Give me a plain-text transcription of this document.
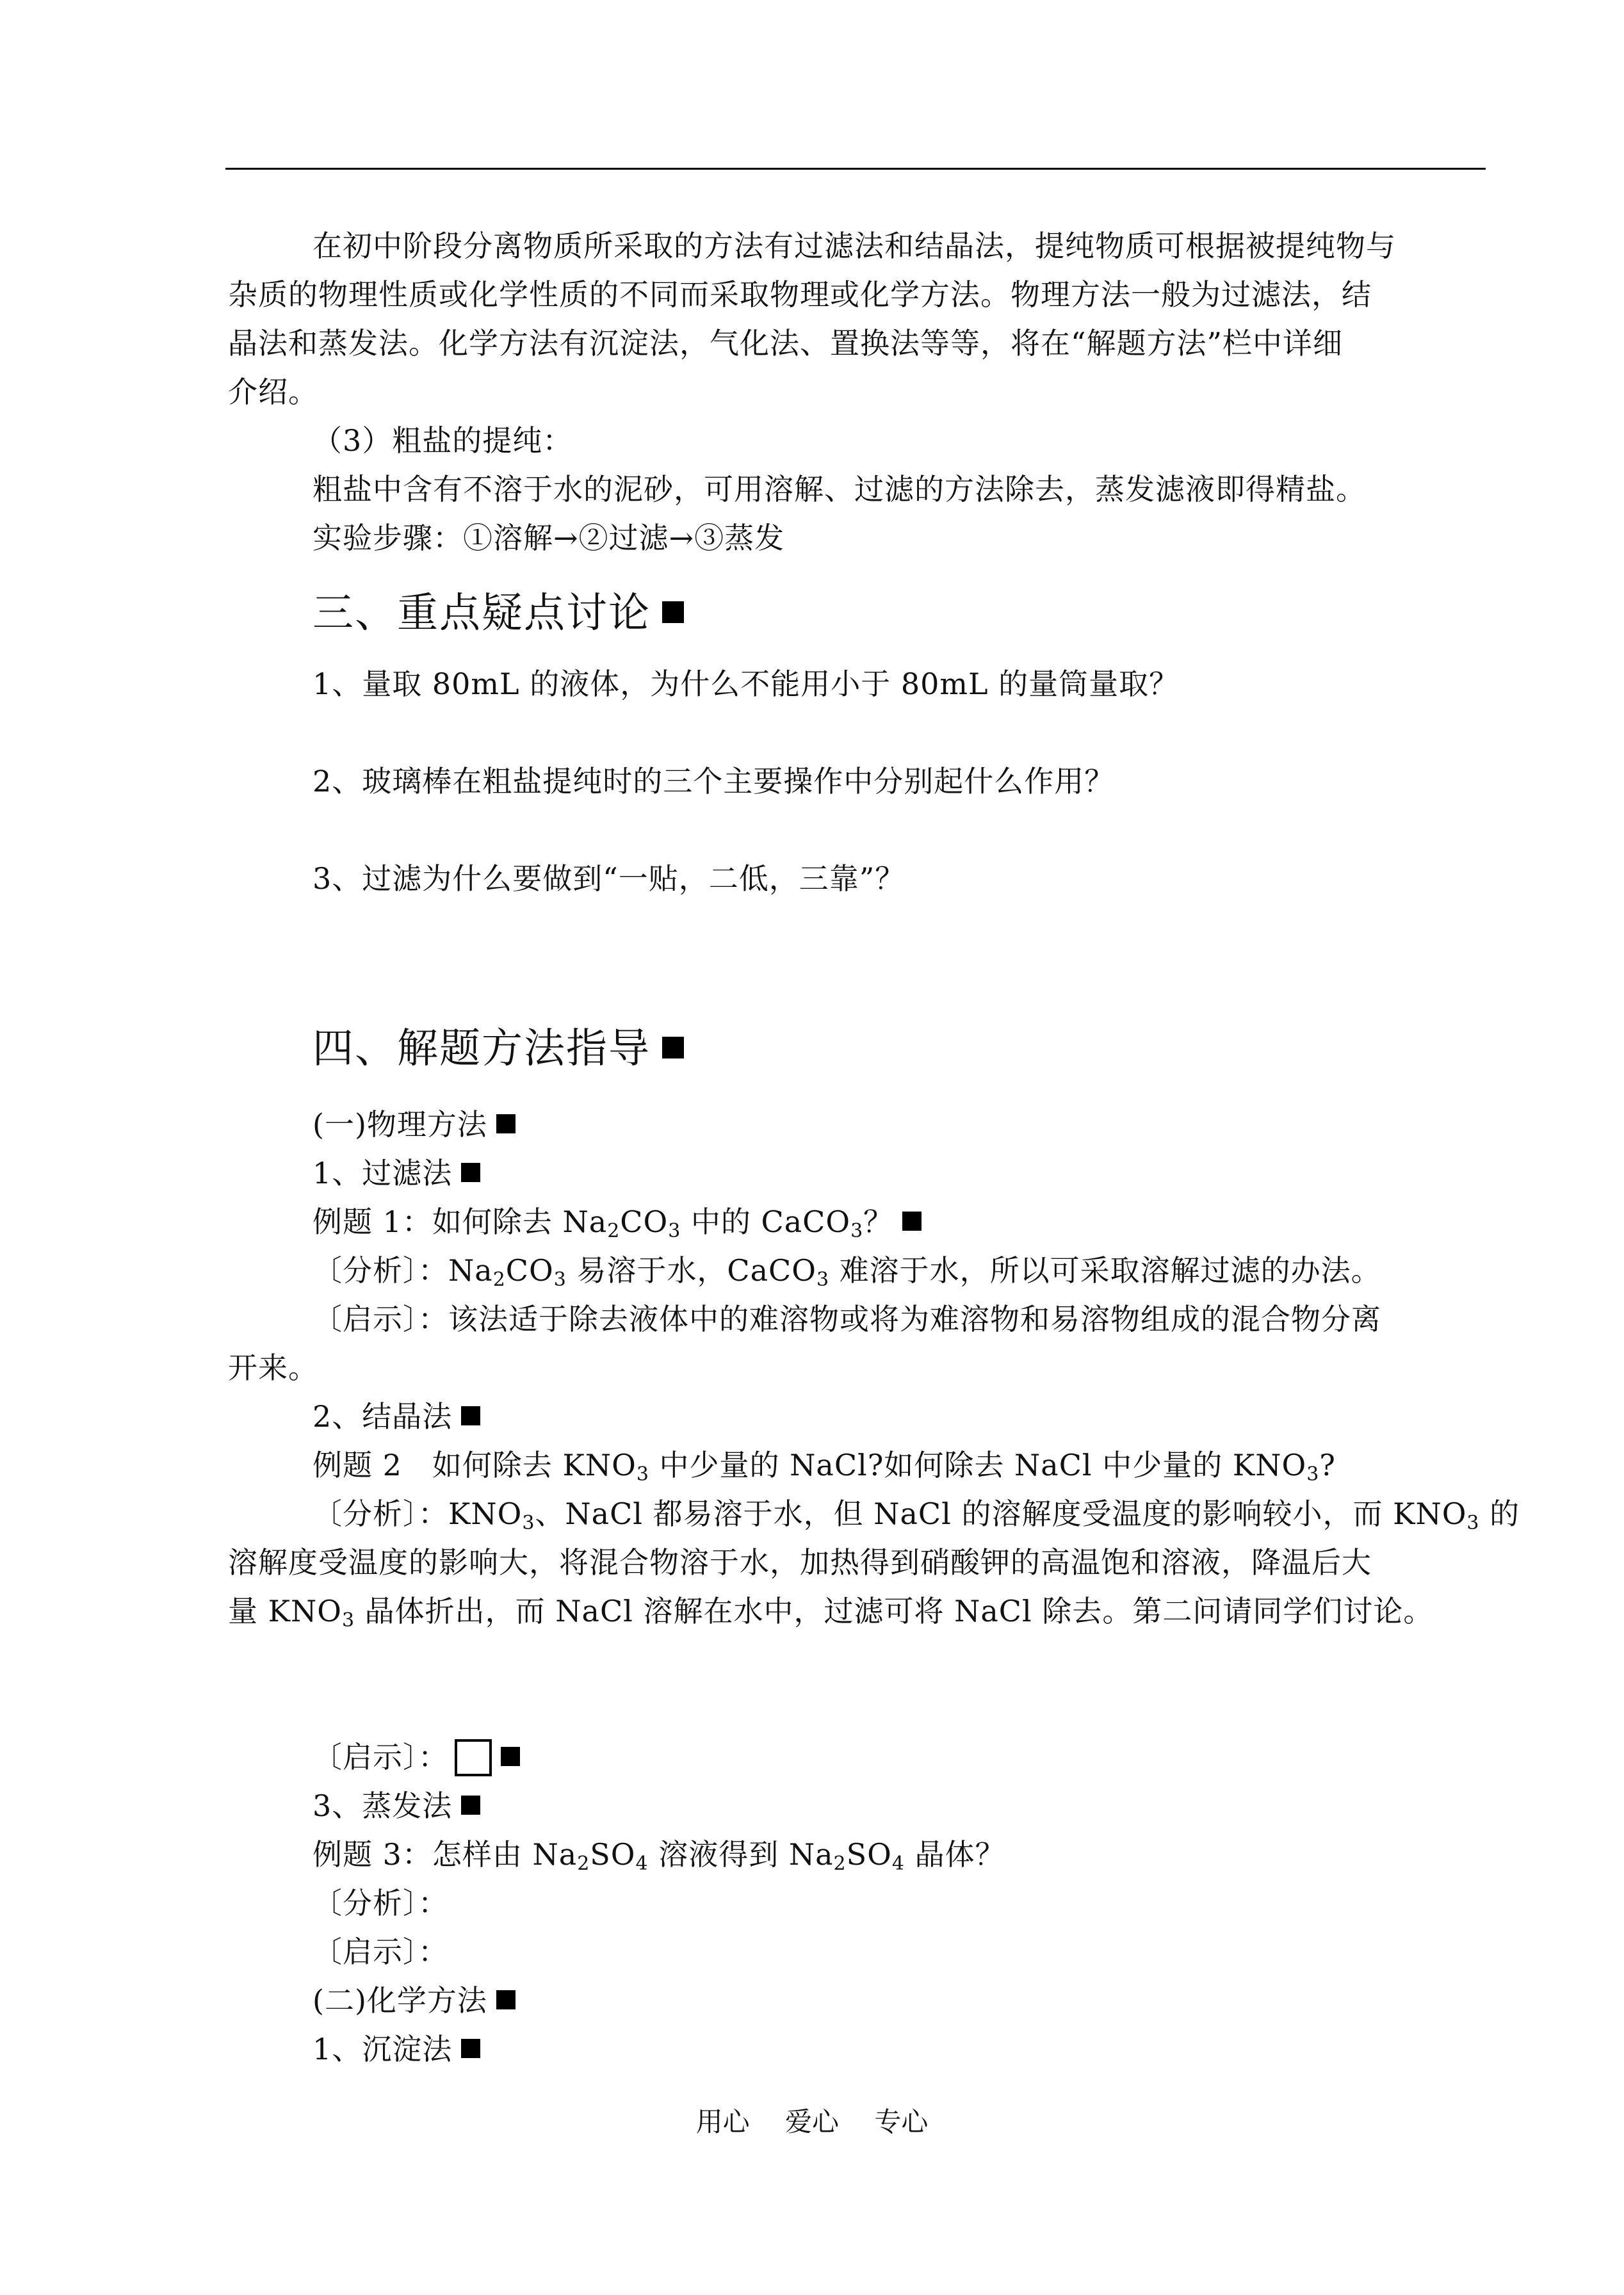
在初中阶段分离物质所采取的方法有过滤法和结晶法，提纯物质可根据被提纯物与
杂质的物理性质或化学性质的不同而采取物理或化学方法。物理方法一般为过滤法，结
晶法和蒸发法。化学方法有沉淀法，气化法、置换法等等，将在“解题方法”栏中详细
介绍。
（3）粗盐的提纯：
粗盐中含有不溶于水的泥砂，可用溶解、过滤的方法除去，蒸发滤液即得精盐。
实验步骤：①溶解→②过滤→③蒸发
三、重点疑点讨论
1、量取 80mL 的液体，为什么不能用小于 80mL 的量筒量取？
2、玻璃棒在粗盐提纯时的三个主要操作中分别起什么作用？
3、过滤为什么要做到“一贴，二低，三靠”？
四、解题方法指导
(一)物理方法
1、过滤法
例题 1：如何除去 $Na_2CO_3$ 中的 CaCO$_3$？
〔分析〕：$Na_2CO_3$ 易溶于水，CaCO$_3$ 难溶于水，所以可采取溶解过滤的办法。
〔启示〕：该法适于除去液体中的难溶物或将为难溶物和易溶物组成的混合物分离
开来。
2、结晶法
例题 2　如何除去 $KNO_3$ 中少量的 NaCl?如何除去 NaCl 中少量的 $KNO_3$?
〔分析〕：$KNO_3$、NaCl 都易溶于水，但 NaCl 的溶解度受温度的影响较小，而 $KNO_3$ 的
溶解度受温度的影响大，将混合物溶于水，加热得到硝酸钾的高温饱和溶液，降温后大
量 $KNO_3$ 晶体折出，而 NaCl 溶解在水中，过滤可将 NaCl 除去。第二问请同学们讨论。
〔启示〕：
3、蒸发法
例题 3：怎样由 $Na_2SO_4$ 溶液得到 $Na_2SO_4$ 晶体？
〔分析〕：
〔启示〕：
(二)化学方法
1、沉淀法
用心　 爱心　 专心
